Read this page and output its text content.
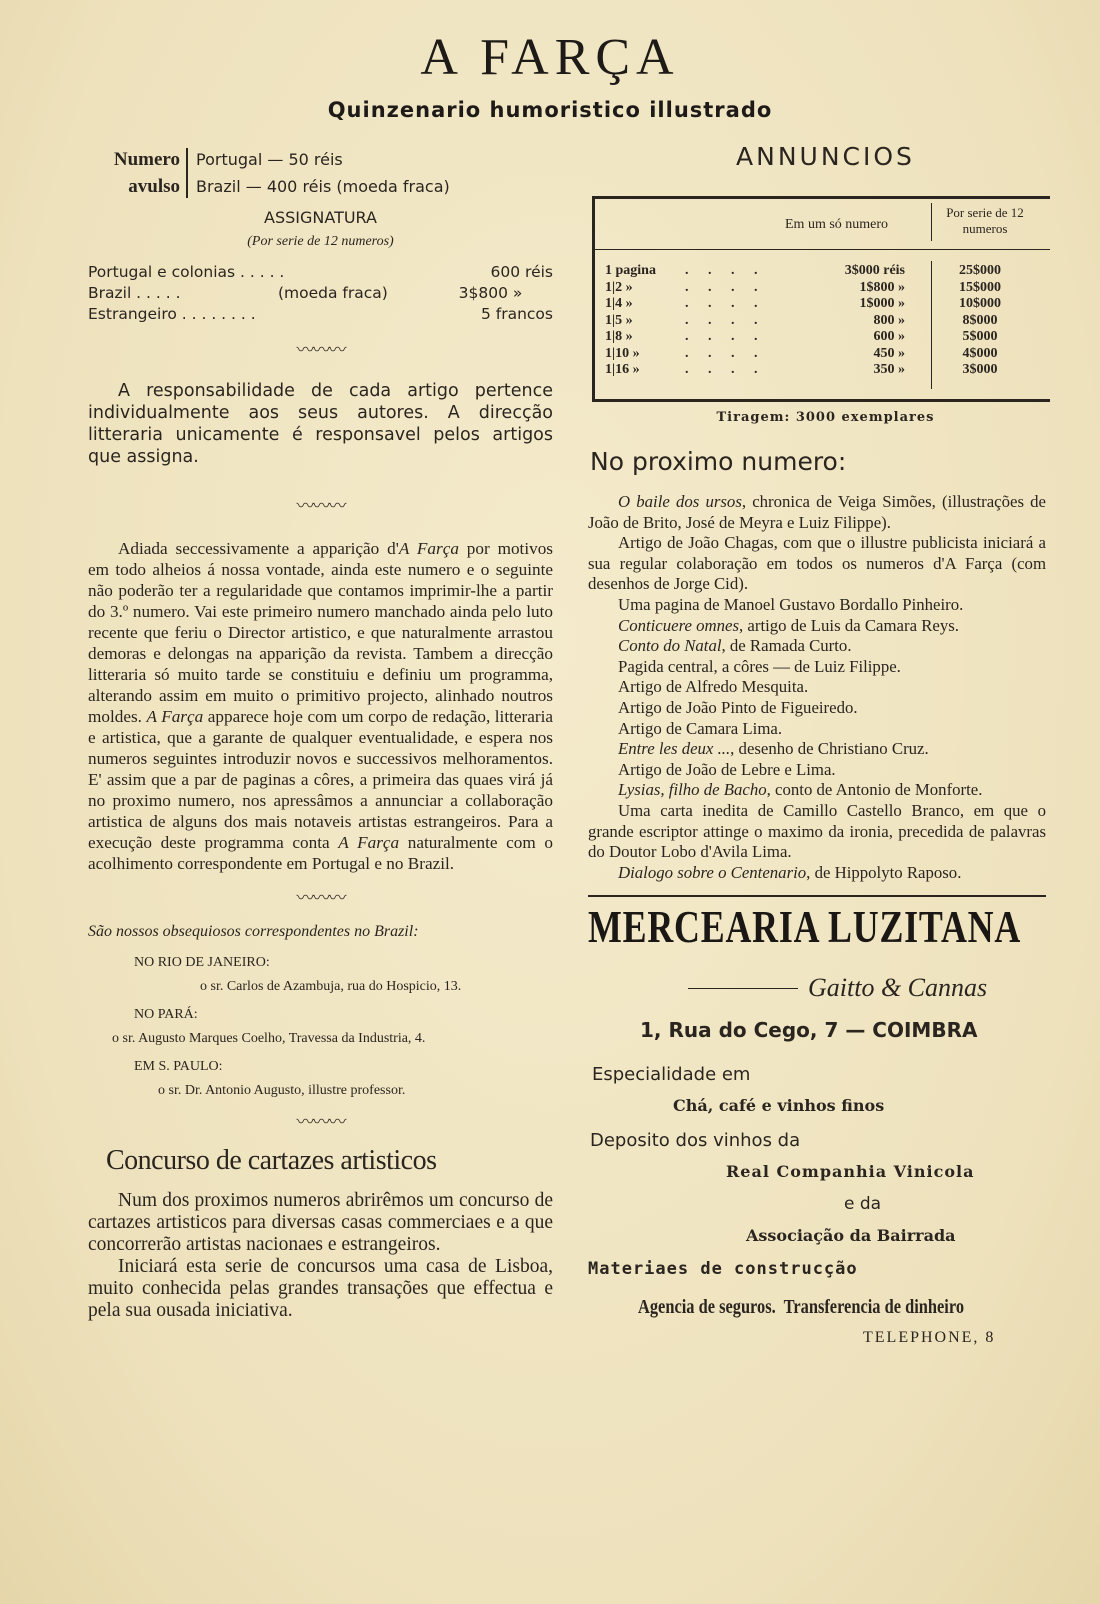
A FARÇA
Quinzenario humoristico illustrado
Numero
avulso
Portugal — 50 réis
Brazil — 400 réis (moeda fraca)
ASSIGNATURA
(Por serie de 12 numeros)
Portugal e colonias . . . . .	600 réis
Brazil . . . . .	(moeda fraca)	3$800 »
Estrangeiro . . . . . . . .	5 francos
〰〰〰
A responsabilidade de cada artigo pertence individualmente aos seus autores. A direcção litteraria unicamente é responsavel pelos artigos que assigna.
〰〰〰
Adiada seccessivamente a apparição d'A Farça por motivos em todo alheios á nossa vontade, ainda este numero e o seguinte não poderão ter a regularidade que contamos imprimir-lhe a partir do 3.º numero. Vai este primeiro numero manchado ainda pelo luto recente que feriu o Director artistico, e que naturalmente arrastou demoras e delongas na apparição da revista. Tambem a direcção litteraria só muito tarde se constituiu e definiu um programma, alterando assim em muito o primitivo projecto, alinhado noutros moldes. A Farça apparece hoje com um corpo de redação, litteraria e artistica, que a garante de qualquer eventualidade, e espera nos numeros seguintes introduzir novos e successivos melhoramentos. E' assim que a par de paginas a côres, a primeira das quaes virá já no proximo numero, nos apressâmos a annunciar a collaboração artistica de alguns dos mais notaveis artistas estrangeiros. Para a execução deste programma conta A Farça naturalmente com o acolhimento correspondente em Portugal e no Brazil.
〰〰〰
São nossos obsequiosos correspondentes no Brazil:
NO RIO DE JANEIRO:
o sr. Carlos de Azambuja, rua do Hospicio, 13.
NO PARÁ:
o sr. Augusto Marques Coelho, Travessa da Industria, 4.
EM S. PAULO:
o sr. Dr. Antonio Augusto, illustre professor.
〰〰〰
Concurso de cartazes artisticos

Num dos proximos numeros abrirêmos um concurso de cartazes artisticos para diversas casas commerciaes e a que concorrerão artistas nacionaes e estrangeiros.

Iniciará esta serie de concursos uma casa de Lisboa, muito conhecida pelas grandes transações que effectua e pela sua ousada iniciativa.

ANNUNCIOS
Em um só numero
Por serie de 12 numeros
1 pagina	. . . .	3$000 réis	25$000
1|2 »	. . . .	1$800 »	15$000
1|4 »	. . . .	1$000 »	10$000
1|5 »	. . . .	800 »	8$000
1|8 »	. . . .	600 »	5$000
1|10 »	. . . .	450 »	4$000
1|16 »	. . . .	350 »	3$000
Tiragem: 3000 exemplares
No proximo numero:
O baile dos ursos, chronica de Veiga Simões, (illustrações de João de Brito, José de Meyra e Luiz Filippe).
Artigo de João Chagas, com que o illustre publicista iniciará a sua regular colaboração em todos os numeros d'A Farça (com desenhos de Jorge Cid).
Uma pagina de Manoel Gustavo Bordallo Pinheiro.
Conticuere omnes, artigo de Luis da Camara Reys.
Conto do Natal, de Ramada Curto.
Pagida central, a côres — de Luiz Filippe.
Artigo de Alfredo Mesquita.
Artigo de João Pinto de Figueiredo.
Artigo de Camara Lima.
Entre les deux ..., desenho de Christiano Cruz.
Artigo de João de Lebre e Lima.
Lysias, filho de Bacho, conto de Antonio de Monforte.
Uma carta inedita de Camillo Castello Branco, em que o grande escriptor attinge o maximo da ironia, precedida de palavras do Doutor Lobo d'Avila Lima.
Dialogo sobre o Centenario, de Hippolyto Raposo.
MERCEARIA LUZITANA
Gaitto & Cannas
1, Rua do Cego, 7 — COIMBRA
Especialidade em
Chá, café e vinhos finos
Deposito dos vinhos da
Real Companhia Vinicola
e da
Associação da Bairrada
Materiaes de construcção
Agencia de seguros.  Transferencia de dinheiro
TELEPHONE, 8
